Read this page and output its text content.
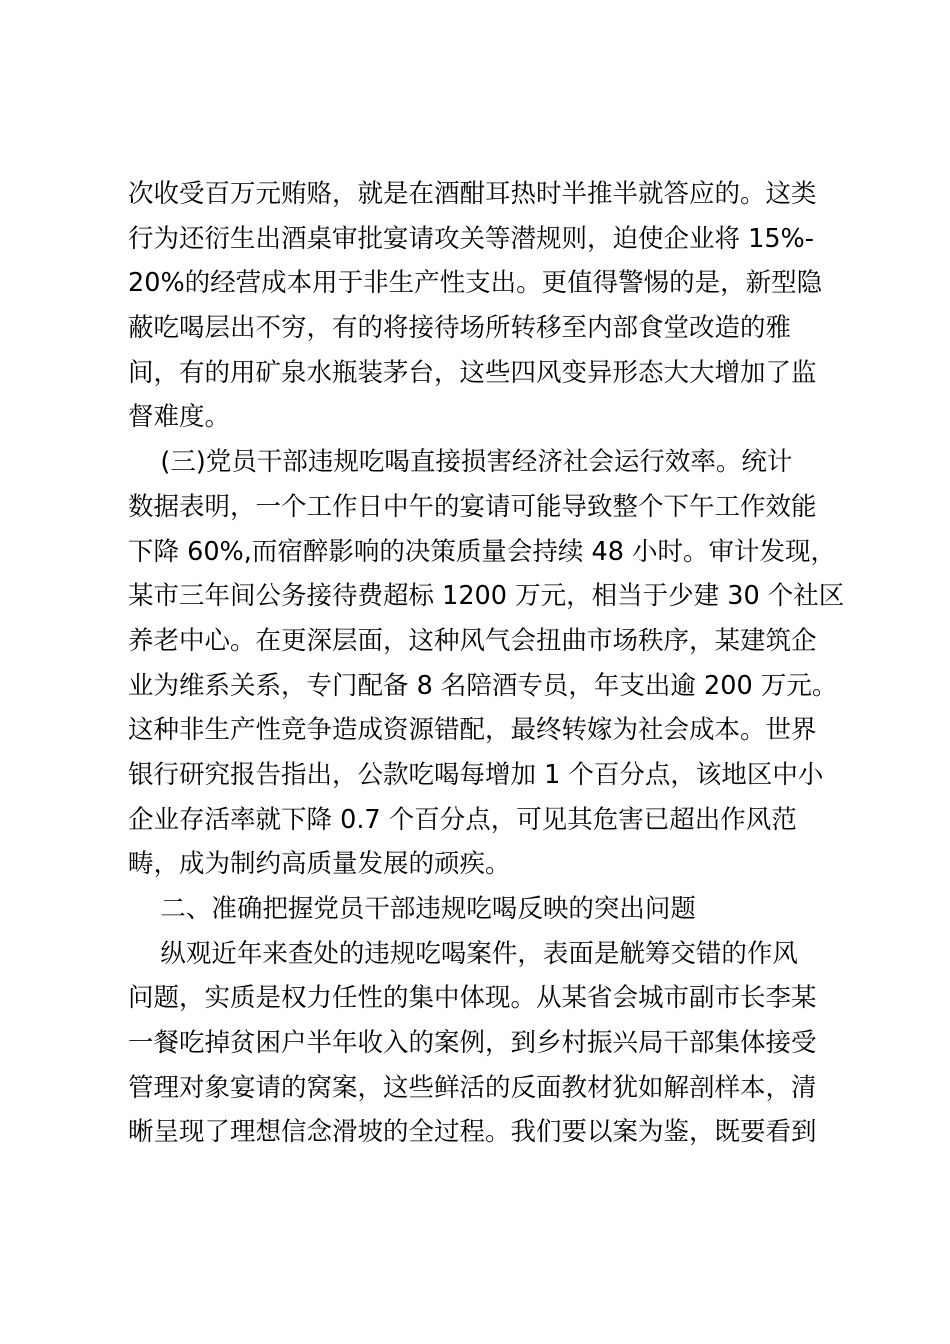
次收受百万元贿赂，就是在酒酣耳热时半推半就答应的。这类
行为还衍生出酒桌审批宴请攻关等潜规则，迫使企业将 15%-
20%的经营成本用于非生产性支出。更值得警惕的是，新型隐
蔽吃喝层出不穷，有的将接待场所转移至内部食堂改造的雅
间，有的用矿泉水瓶装茅台，这些四风变异形态大大增加了监
督难度。
(三)党员干部违规吃喝直接损害经济社会运行效率。统计
数据表明，一个工作日中午的宴请可能导致整个下午工作效能
下降 60%,而宿醉影响的决策质量会持续 48 小时。审计发现，
某市三年间公务接待费超标 1200 万元，相当于少建 30 个社区
养老中心。在更深层面，这种风气会扭曲市场秩序，某建筑企
业为维系关系，专门配备 8 名陪酒专员，年支出逾 200 万元。
这种非生产性竞争造成资源错配，最终转嫁为社会成本。世界
银行研究报告指出，公款吃喝每增加 1 个百分点，该地区中小
企业存活率就下降 0.7 个百分点，可见其危害已超出作风范
畴，成为制约高质量发展的顽疾。
二、准确把握党员干部违规吃喝反映的突出问题
纵观近年来查处的违规吃喝案件，表面是觥筹交错的作风
问题，实质是权力任性的集中体现。从某省会城市副市长李某
一餐吃掉贫困户半年收入的案例，到乡村振兴局干部集体接受
管理对象宴请的窝案，这些鲜活的反面教材犹如解剖样本，清
晰呈现了理想信念滑坡的全过程。我们要以案为鉴，既要看到
